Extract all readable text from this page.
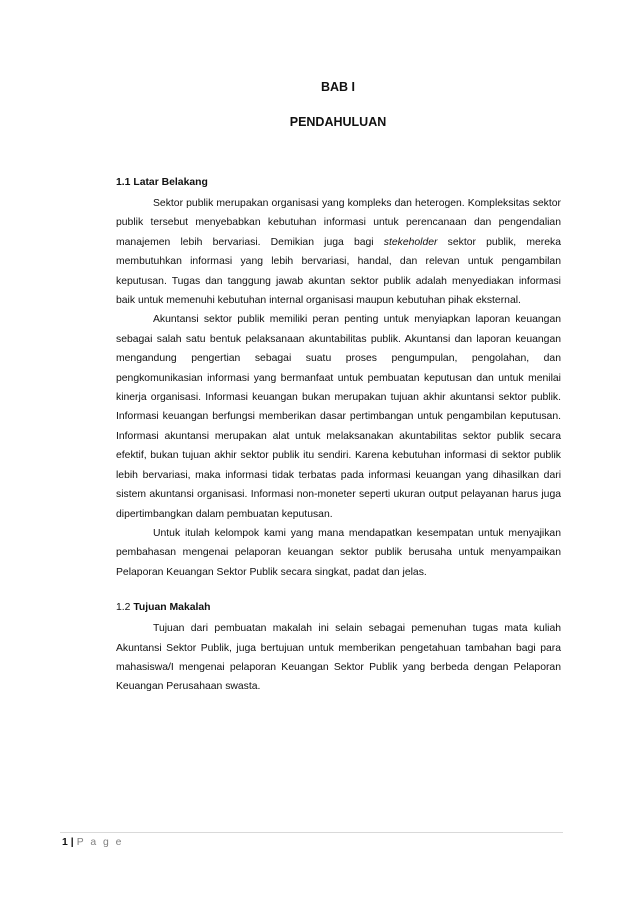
BAB I
PENDAHULUAN
1.1 Latar Belakang

Sektor publik merupakan organisasi yang kompleks dan heterogen. Kompleksitas sektor publik tersebut menyebabkan kebutuhan informasi untuk perencanaan dan pengendalian manajemen lebih bervariasi. Demikian juga bagi stekeholder sektor publik, mereka membutuhkan informasi yang lebih bervariasi, handal, dan relevan untuk pengambilan keputusan. Tugas dan tanggung jawab akuntan sektor publik adalah menyediakan informasi baik untuk memenuhi kebutuhan internal organisasi maupun kebutuhan pihak eksternal.

Akuntansi sektor publik memiliki peran penting untuk menyiapkan laporan keuangan sebagai salah satu bentuk pelaksanaan akuntabilitas publik. Akuntansi dan laporan keuangan mengandung pengertian sebagai suatu proses pengumpulan, pengolahan, dan pengkomunikasian informasi yang bermanfaat untuk pembuatan keputusan dan untuk menilai kinerja organisasi. Informasi keuangan bukan merupakan tujuan akhir akuntansi sektor publik. Informasi keuangan berfungsi memberikan dasar pertimbangan untuk pengambilan keputusan. Informasi akuntansi merupakan alat untuk melaksanakan akuntabilitas sektor publik secara efektif, bukan tujuan akhir sektor publik itu sendiri. Karena kebutuhan informasi di sektor publik lebih bervariasi, maka informasi tidak terbatas pada informasi keuangan yang dihasilkan dari sistem akuntansi organisasi. Informasi non-moneter seperti ukuran output pelayanan harus juga dipertimbangkan dalam pembuatan keputusan.

Untuk itulah kelompok kami yang mana mendapatkan kesempatan untuk menyajikan pembahasan mengenai pelaporan keuangan sektor publik berusaha untuk menyampaikan Pelaporan Keuangan Sektor Publik secara singkat, padat dan jelas.

1.2 Tujuan Makalah

Tujuan dari pembuatan makalah ini selain sebagai pemenuhan tugas mata kuliah Akuntansi Sektor Publik, juga bertujuan untuk memberikan pengetahuan tambahan bagi para mahasiswa/I mengenai pelaporan Keuangan Sektor Publik yang berbeda dengan Pelaporan Keuangan Perusahaan swasta.

1 | P a g e
